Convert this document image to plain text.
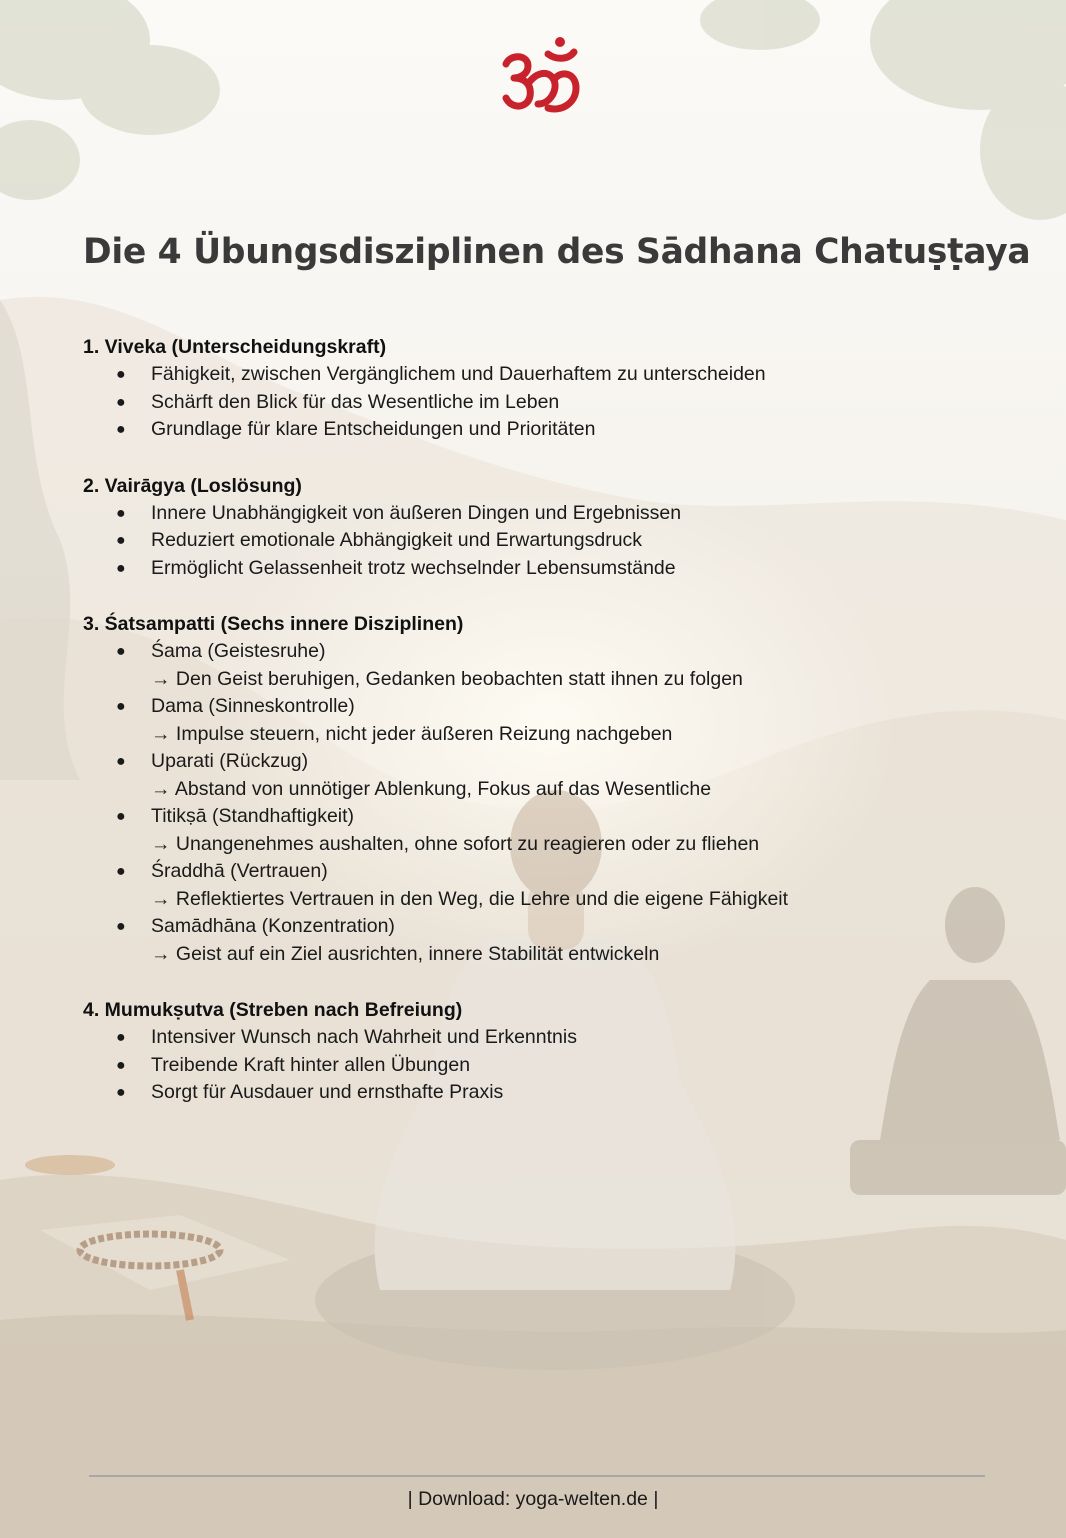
Die 4 Übungsdisziplinen des Sādhana Chatuṣṭaya
1. Viveka (Unterscheidungskraft)
● Fähigkeit, zwischen Vergänglichem und Dauerhaftem zu unterscheiden
● Schärft den Blick für das Wesentliche im Leben
● Grundlage für klare Entscheidungen und Prioritäten
2. Vairāgya (Loslösung)
● Innere Unabhängigkeit von äußeren Dingen und Ergebnissen
● Reduziert emotionale Abhängigkeit und Erwartungsdruck
● Ermöglicht Gelassenheit trotz wechselnder Lebensumstände
3. Śatsampatti (Sechs innere Disziplinen)
● Śama (Geistesruhe)
→ Den Geist beruhigen, Gedanken beobachten statt ihnen zu folgen
● Dama (Sinneskontrolle)
→ Impulse steuern, nicht jeder äußeren Reizung nachgeben
● Uparati (Rückzug)
→ Abstand von unnötiger Ablenkung, Fokus auf das Wesentliche
● Titikṣā (Standhaftigkeit)
→ Unangenehmes aushalten, ohne sofort zu reagieren oder zu fliehen
● Śraddhā (Vertrauen)
→ Reflektiertes Vertrauen in den Weg, die Lehre und die eigene Fähigkeit
● Samādhāna (Konzentration)
→ Geist auf ein Ziel ausrichten, innere Stabilität entwickeln
4. Mumukṣutva (Streben nach Befreiung)
● Intensiver Wunsch nach Wahrheit und Erkenntnis
● Treibende Kraft hinter allen Übungen
● Sorgt für Ausdauer und ernsthafte Praxis
| Download: yoga-welten.de |
